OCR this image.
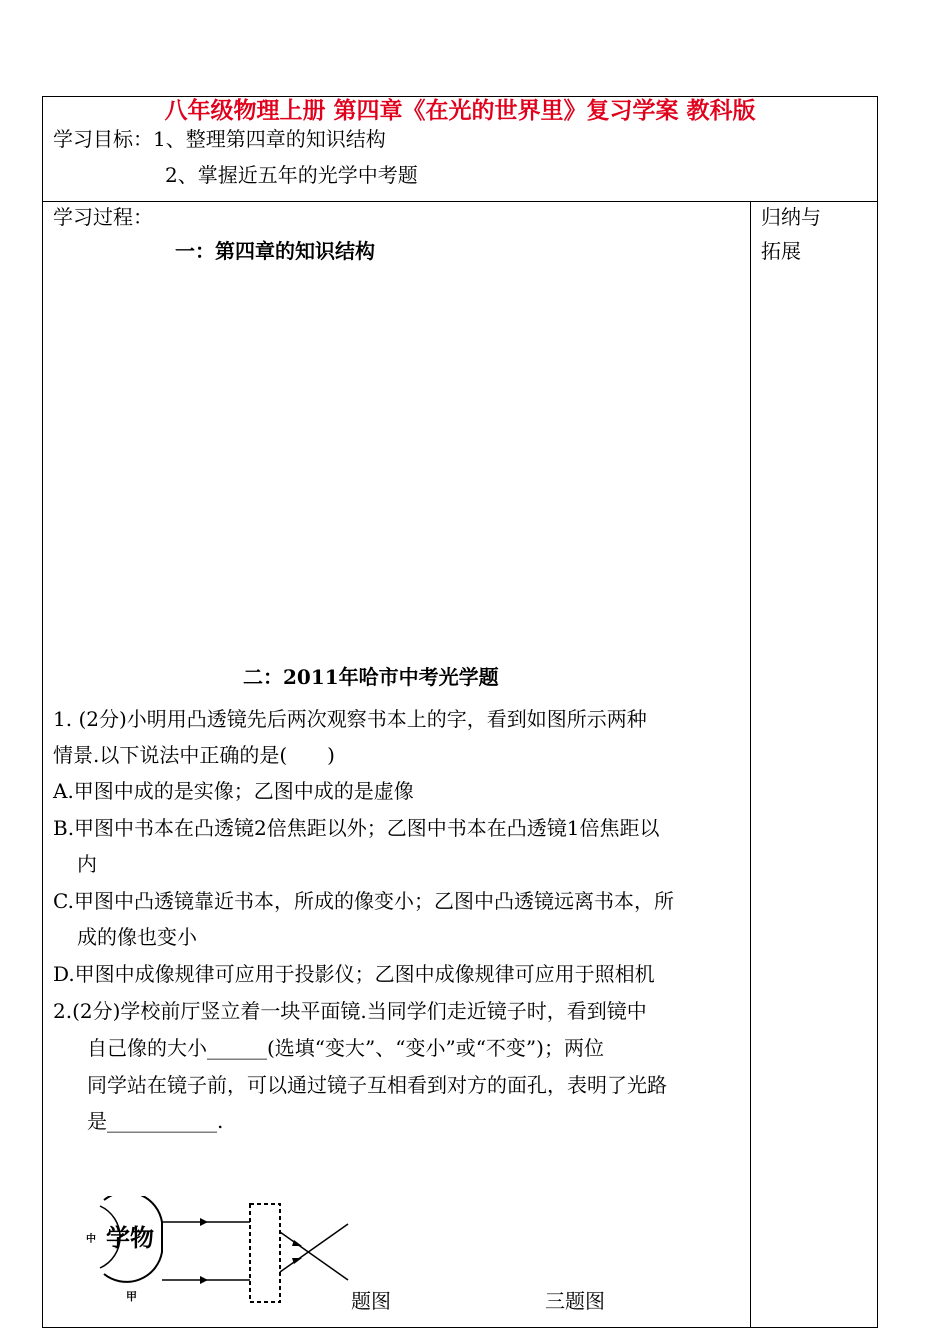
八年级物理上册 第四章《在光的世界里》复习学案 教科版
学习目标：1、整理第四章的知识结构
2、掌握近五年的光学中考题
学习过程：	归纳与
拓展
一：第四章的知识结构
二：2011年哈市中考光学题
1. (2分)小明用凸透镜先后两次观察书本上的字，看到如图所示两种
情景.以下说法中正确的是(　　)
A.甲图中成的是实像；乙图中成的是虚像
B.甲图中书本在凸透镜2倍焦距以外；乙图中书本在凸透镜1倍焦距以
内
C.甲图中凸透镜靠近书本，所成的像变小；乙图中凸透镜远离书本，所
成的像也变小
D.甲图中成像规律可应用于投影仪；乙图中成像规律可应用于照相机
2.(2分)学校前厅竖立着一块平面镜.当同学们走近镜子时，看到镜中
自己像的大小______(选填“变大”、“变小”或“不变”)；两位
同学站在镜子前，可以通过镜子互相看到对方的面孔，表明了光路
是___________.
题图	三题图
学物
中
甲
